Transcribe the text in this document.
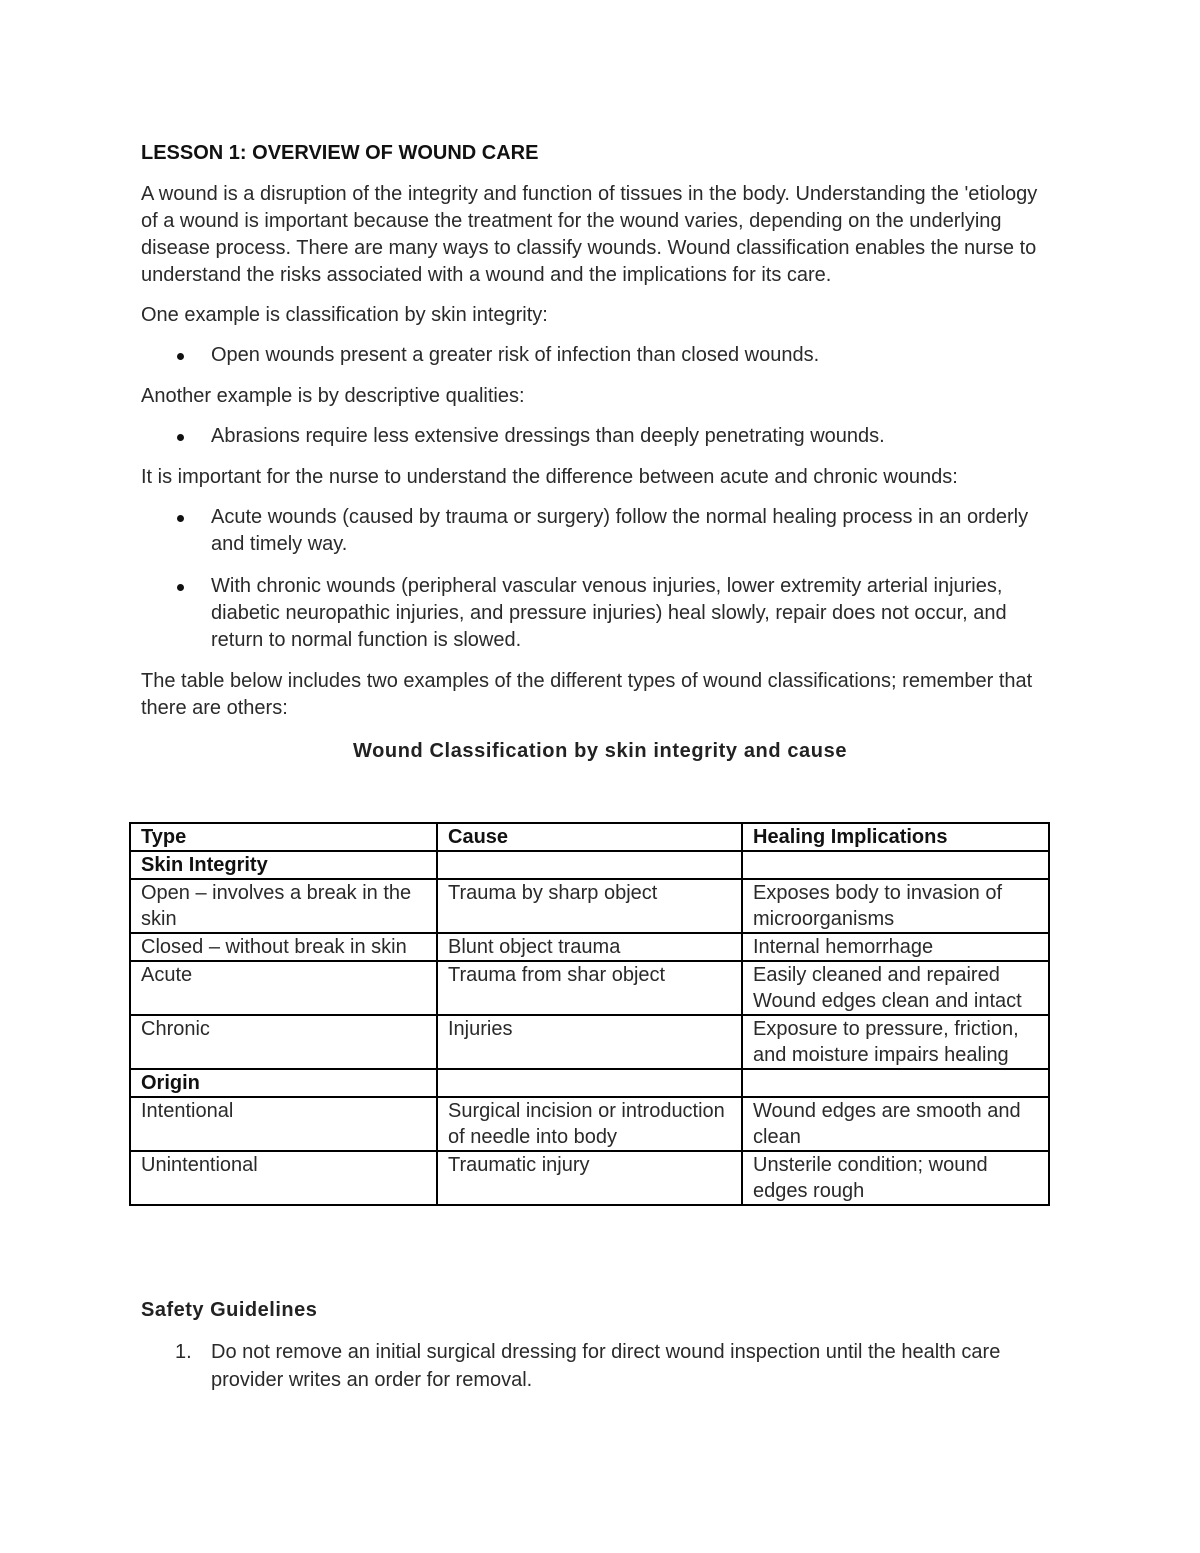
LESSON 1: OVERVIEW OF WOUND CARE

A wound is a disruption of the integrity and function of tissues in the body. Understanding the 'etiology of a wound is important because the treatment for the wound varies, depending on the underlying disease process. There are many ways to classify wounds. Wound classification enables the nurse to understand the risks associated with a wound and the implications for its care.

One example is classification by skin integrity:

Open wounds present a greater risk of infection than closed wounds.

Another example is by descriptive qualities:

Abrasions require less extensive dressings than deeply penetrating wounds.

It is important for the nurse to understand the difference between acute and chronic wounds:

Acute wounds (caused by trauma or surgery) follow the normal healing process in an orderly and timely way.
With chronic wounds (peripheral vascular venous injuries, lower extremity arterial injuries, diabetic neuropathic injuries, and pressure injuries) heal slowly, repair does not occur, and return to normal function is slowed.

The table below includes two examples of the different types of wound classifications; remember that there are others:

Wound Classification by skin integrity and cause
Type	Cause	Healing Implications
Skin Integrity		
Open – involves a break in the skin	Trauma by sharp object	Exposes body to invasion of microorganisms
Closed – without break in skin	Blunt object trauma	Internal hemorrhage
Acute	Trauma from shar object	Easily cleaned and repaired Wound edges clean and intact
Chronic	Injuries	Exposure to pressure, friction, and moisture impairs healing
Origin		
Intentional	Surgical incision or introduction of needle into body	Wound edges are smooth and clean
Unintentional	Traumatic injury	Unsterile condition; wound edges rough
Safety Guidelines
1. Do not remove an initial surgical dressing for direct wound inspection until the health care provider writes an order for removal.
